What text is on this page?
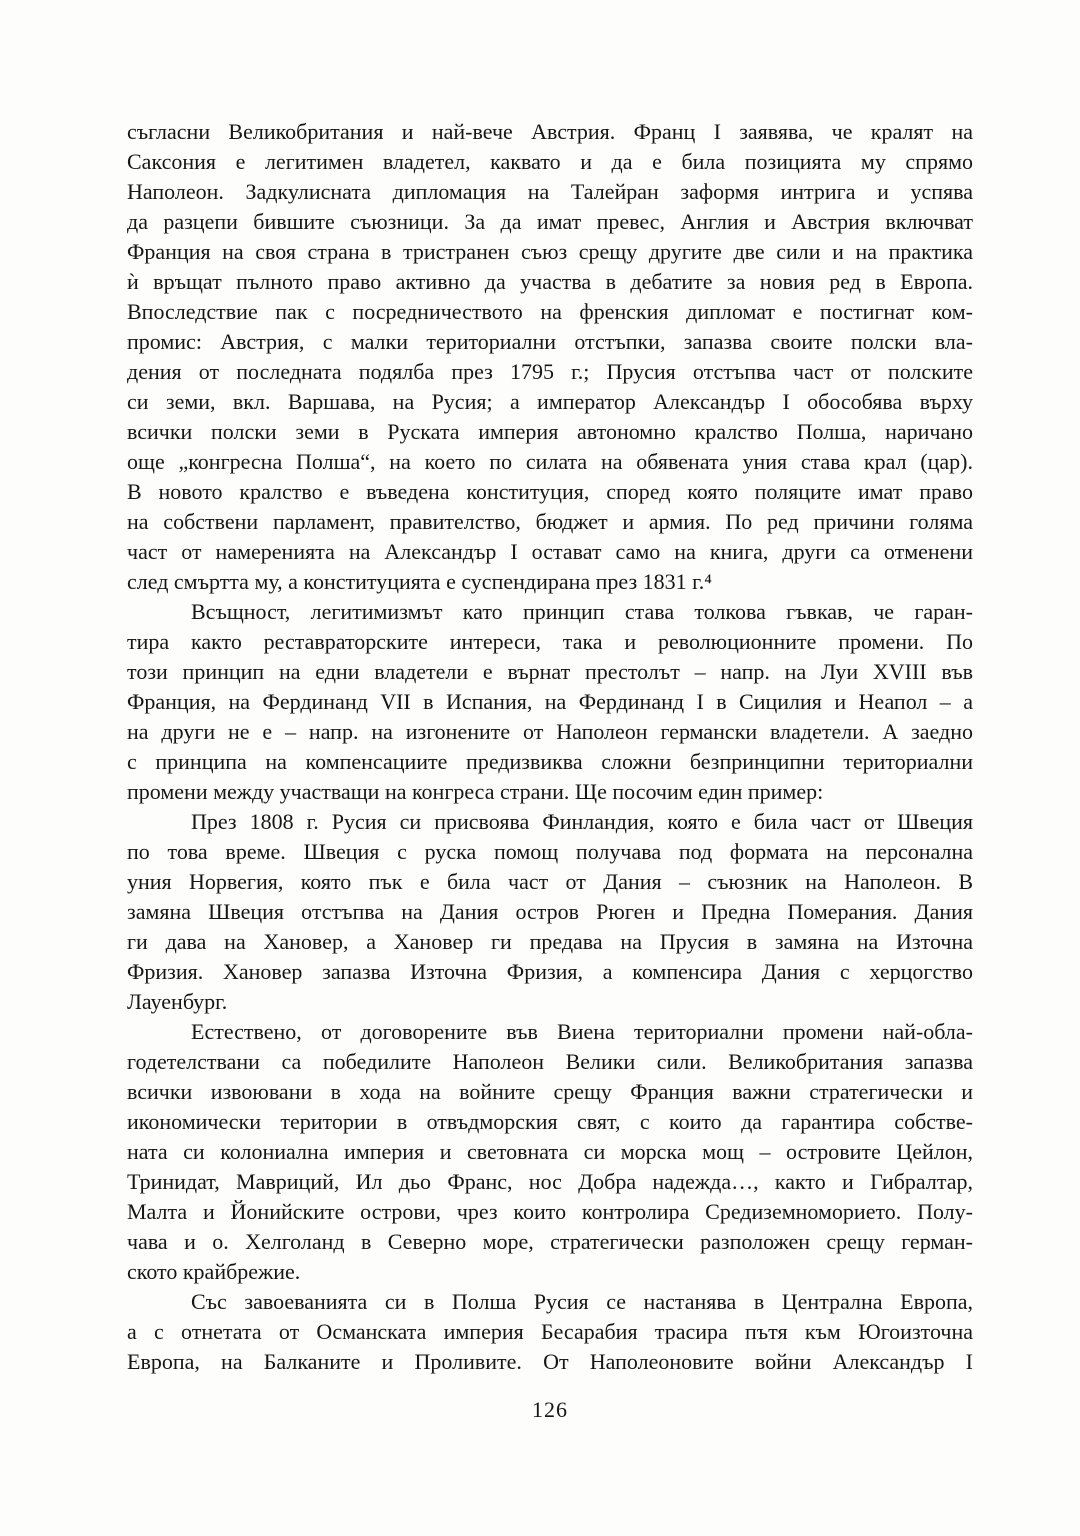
съгласни Великобритания и най-вече Австрия. Франц I заявява, че кралят на
Саксония е легитимен владетел, каквато и да е била позицията му спрямо
Наполеон. Задкулисната дипломация на Талейран заформя интрига и успява
да разцепи бившите съюзници. За да имат превес, Англия и Австрия включват
Франция на своя страна в тристранен съюз срещу другите две сили и на практика
ѝ връщат пълното право активно да участва в дебатите за новия ред в Европа.
Впоследствие пак с посредничеството на френския дипломат е постигнат ком-
промис: Австрия, с малки териториални отстъпки, запазва своите полски вла-
дения от последната подялба през 1795 г.; Прусия отстъпва част от полските
си земи, вкл. Варшава, на Русия; а император Александър I обособява върху
всички полски земи в Руската империя автономно кралство Полша, наричано
още „конгресна Полша“, на което по силата на обявената уния става крал (цар).
В новото кралство е въведена конституция, според която поляците имат право
на собствени парламент, правителство, бюджет и армия. По ред причини голяма
част от намеренията на Александър I остават само на книга, други са отменени
след смъртта му, а конституцията е суспендирана през 1831 г.⁴

Всъщност, легитимизмът като принцип става толкова гъвкав, че гаран-
тира както реставраторските интереси, така и революционните промени. По
този принцип на едни владетели е върнат престолът – напр. на Луи XVIII във
Франция, на Фердинанд VII в Испания, на Фердинанд I в Сицилия и Неапол – а
на други не е – напр. на изгонените от Наполеон германски владетели. А заедно
с принципа на компенсациите предизвиква сложни безпринципни териториални
промени между участващи на конгреса страни. Ще посочим един пример:

През 1808 г. Русия си присвоява Финландия, която е била част от Швеция
по това време. Швеция с руска помощ получава под формата на персонална
уния Норвегия, която пък е била част от Дания – съюзник на Наполеон. В
замяна Швеция отстъпва на Дания остров Рюген и Предна Померания. Дания
ги дава на Хановер, а Хановер ги предава на Прусия в замяна на Източна
Фризия. Хановер запазва Източна Фризия, а компенсира Дания с херцогство
Лауенбург.

Естествено, от договорените във Виена териториални промени най-обла-
годетелствани са победилите Наполеон Велики сили. Великобритания запазва
всички извоювани в хода на войните срещу Франция важни стратегически и
икономически територии в отвъдморския свят, с които да гарантира собстве-
ната си колониална империя и световната си морска мощ – островите Цейлон,
Тринидат, Мавриций, Ил дьо Франс, нос Добра надежда…, както и Гибралтар,
Малта и Йонийските острови, чрез които контролира Средиземноморието. Полу-
чава и о. Хелголанд в Северно море, стратегически разположен срещу герман-
ското крайбрежие.

Със завоеванията си в Полша Русия се настанява в Централна Европа,
а с отнетата от Османската империя Бесарабия трасира пътя към Югоизточна
Европа, на Балканите и Проливите. От Наполеоновите войни Александър I

126
